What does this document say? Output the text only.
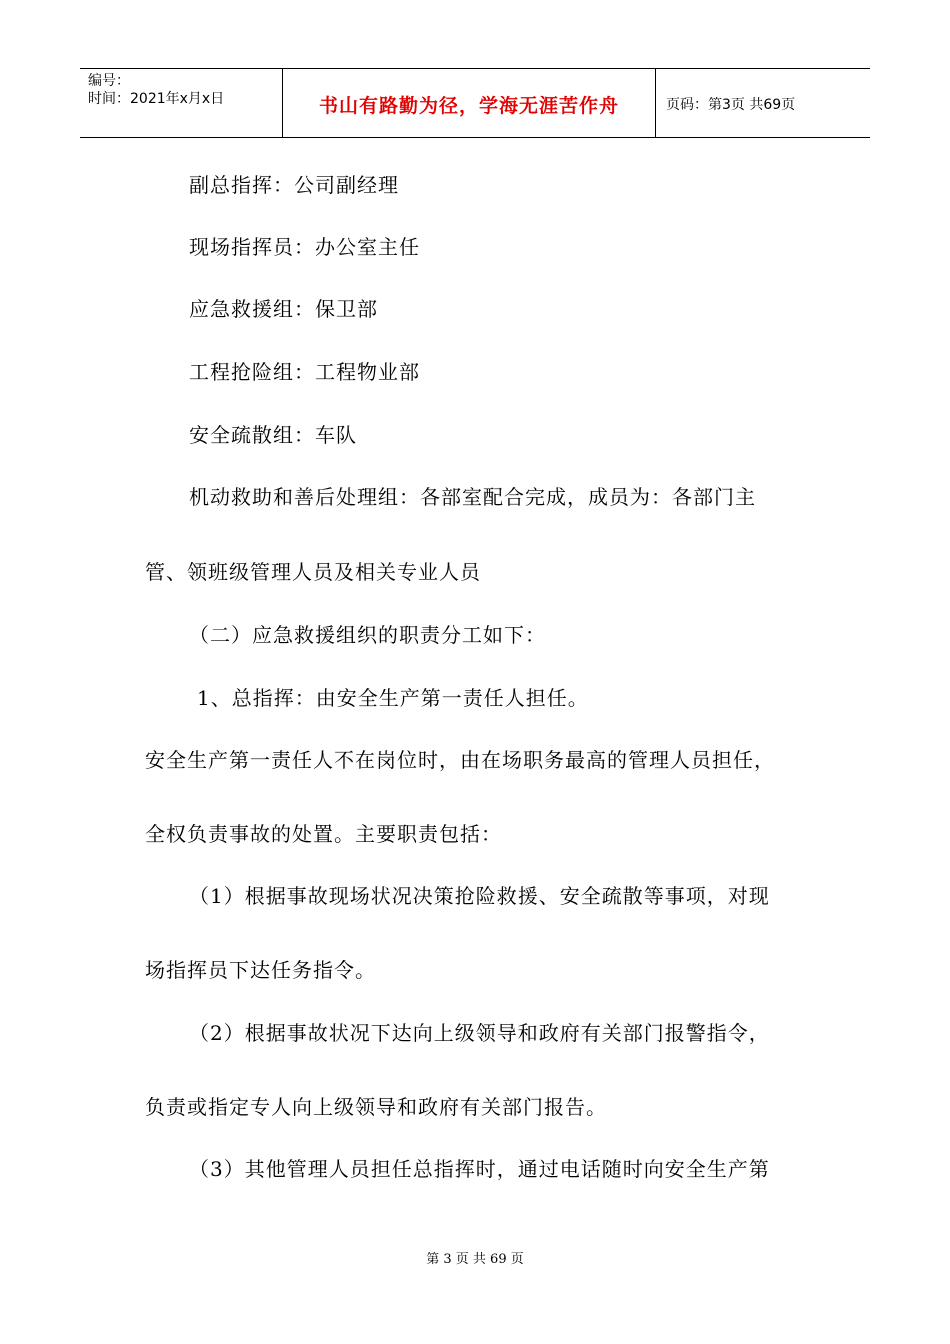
编号：
时间：2021年x月x日	书山有路勤为径，学海无涯苦作舟	页码：第3页 共69页
副总指挥：公司副经理
现场指挥员：办公室主任
应急救援组：保卫部
工程抢险组：工程物业部
安全疏散组：车队
机动救助和善后处理组：各部室配合完成，成员为：各部门主
管、领班级管理人员及相关专业人员
（二）应急救援组织的职责分工如下：
1、总指挥：由安全生产第一责任人担任。
安全生产第一责任人不在岗位时，由在场职务最高的管理人员担任，
全权负责事故的处置。主要职责包括：
（1）根据事故现场状况决策抢险救援、安全疏散等事项，对现
场指挥员下达任务指令。
（2）根据事故状况下达向上级领导和政府有关部门报警指令，
负责或指定专人向上级领导和政府有关部门报告。
（3）其他管理人员担任总指挥时，通过电话随时向安全生产第
第 3 页 共 69 页
